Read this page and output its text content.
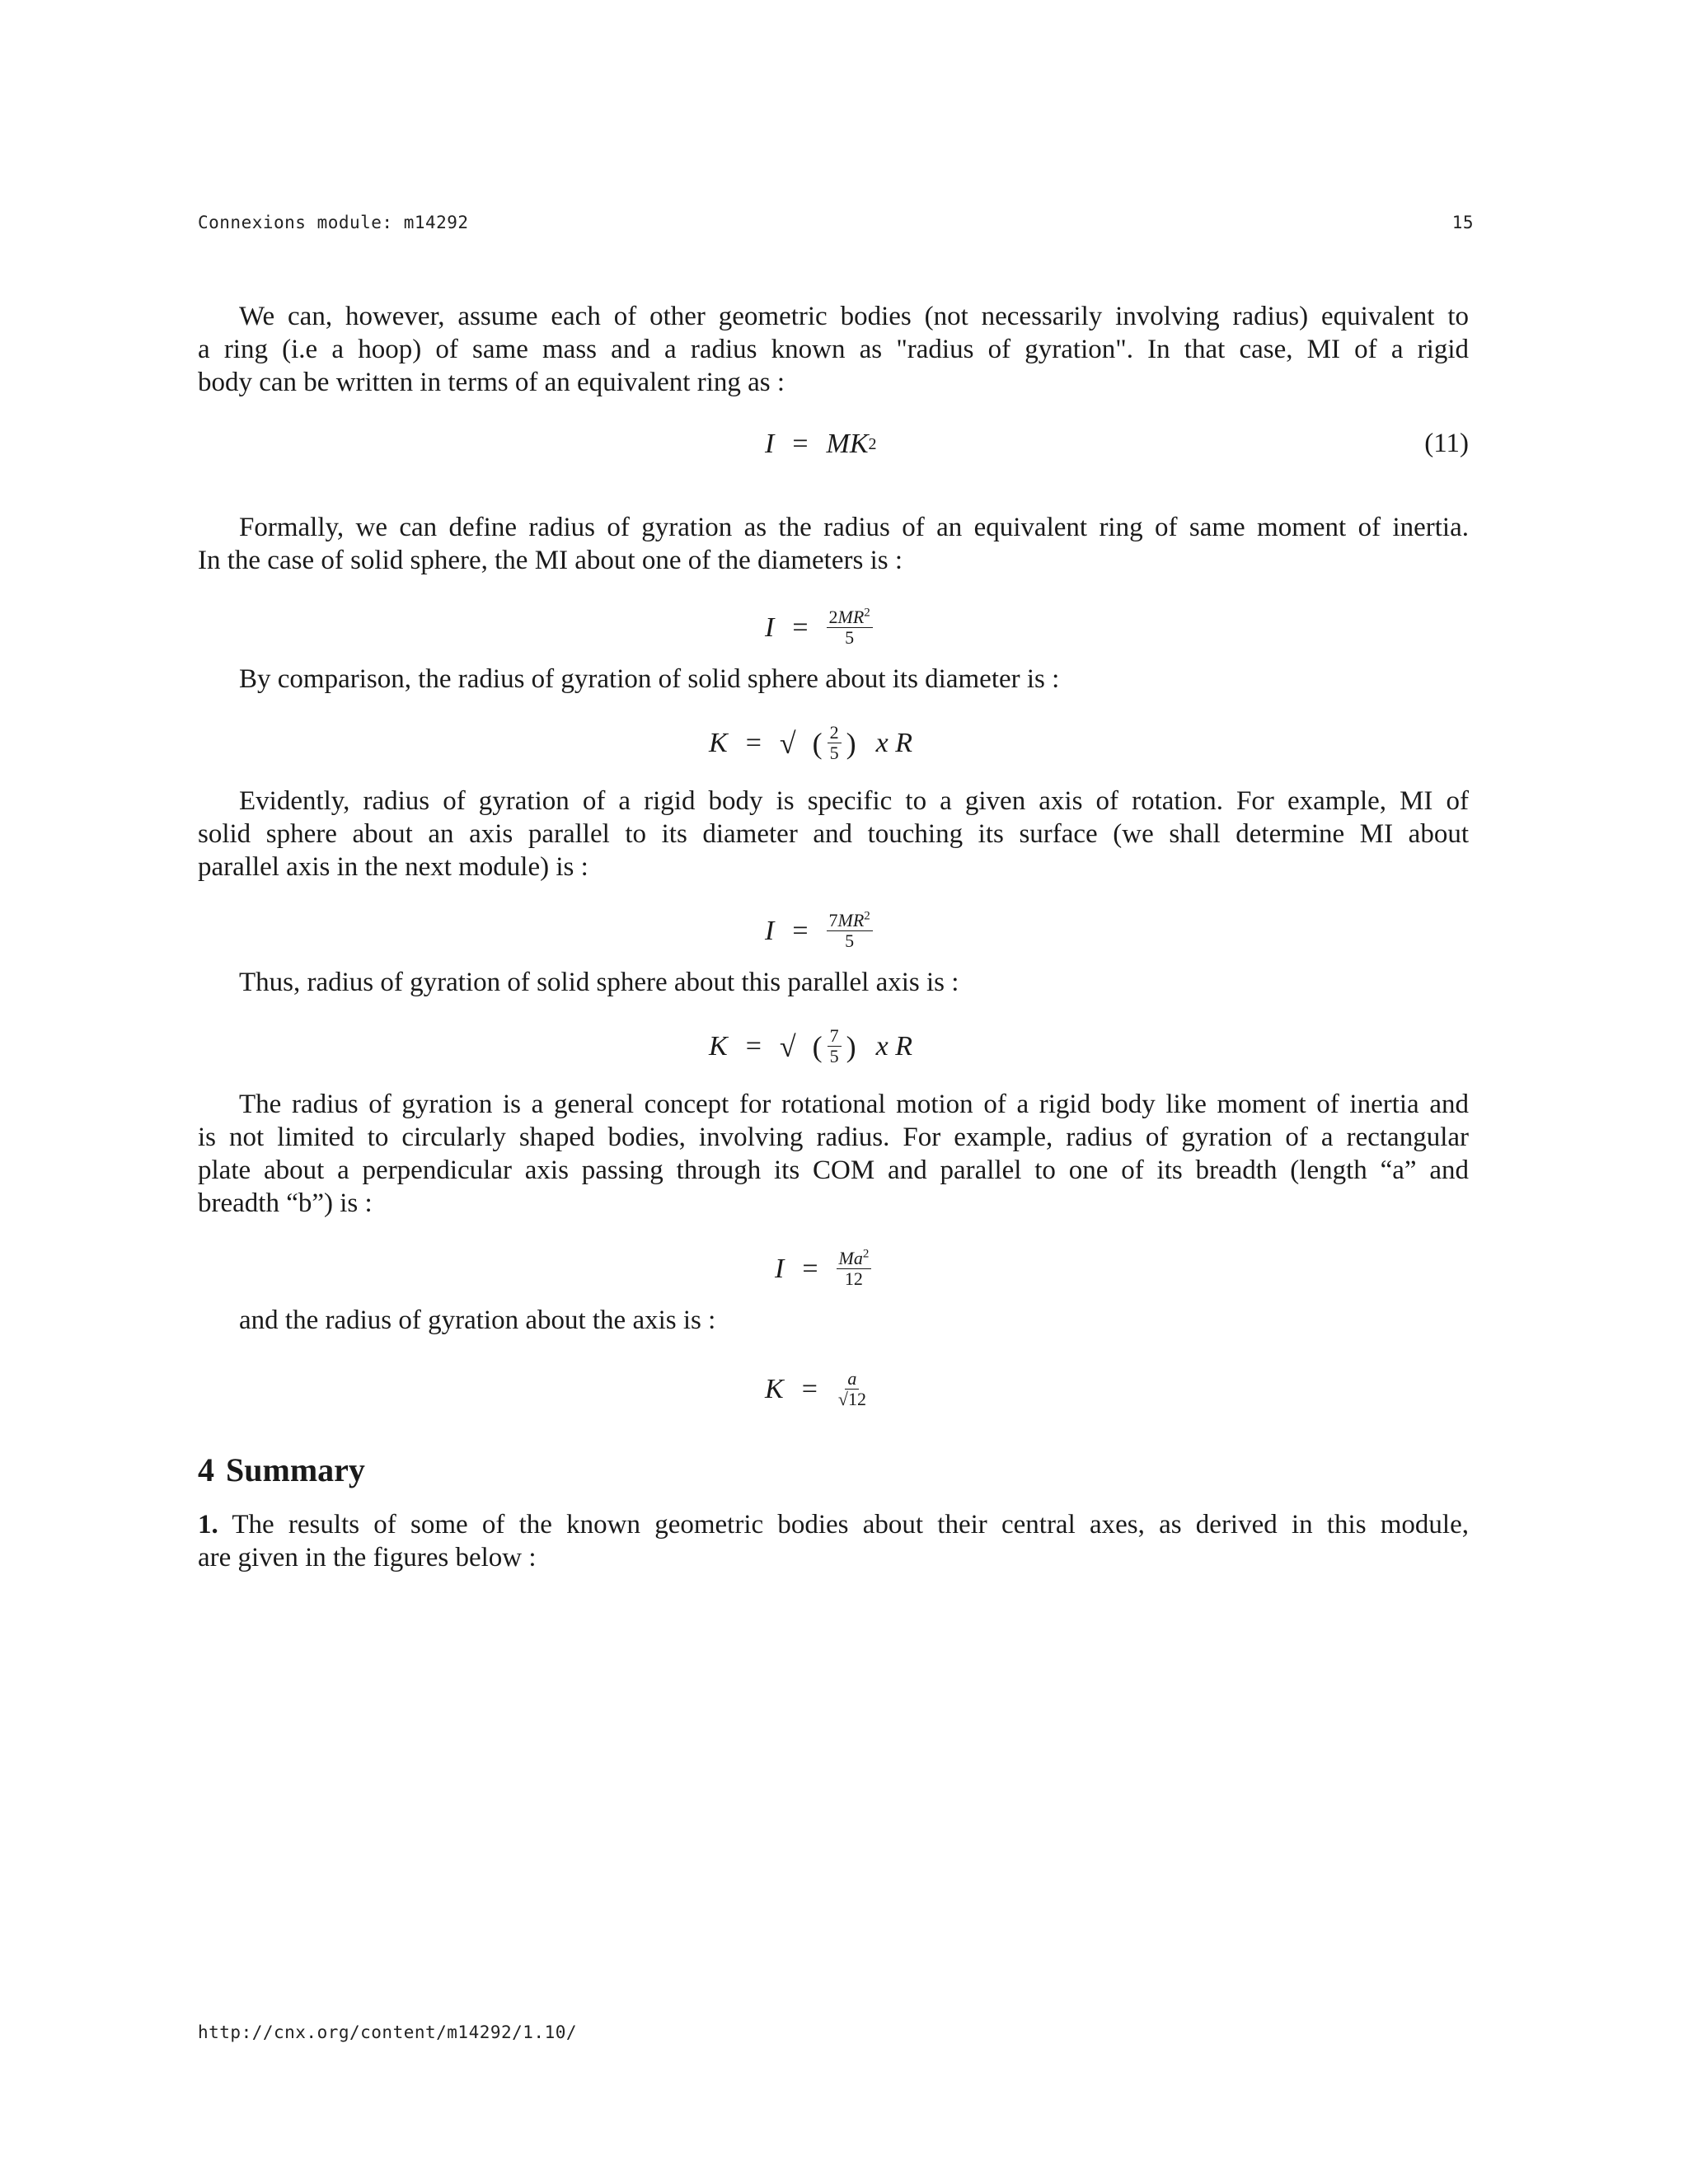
Connexions module: m14292	15
We can, however, assume each of other geometric bodies (not necessarily involving radius) equivalent to
a ring (i.e a hoop) of same mass and a radius known as "radius of gyration". In that case, MI of a rigid
body can be written in terms of an equivalent ring as :
I = MK 2	(11)
Formally, we can define radius of gyration as the radius of an equivalent ring of same moment of inertia.
In the case of solid sphere, the MI about one of the diameters is :
$I = \frac{2MR^2}{5}$
By comparison, the radius of gyration of solid sphere about its diameter is :
K = √ ( $\frac{2}{5}$ ) x R
Evidently, radius of gyration of a rigid body is specific to a given axis of rotation. For example, MI of
solid sphere about an axis parallel to its diameter and touching its surface (we shall determine MI about
parallel axis in the next module) is :
$I = \frac{7MR^2}{5}$
Thus, radius of gyration of solid sphere about this parallel axis is :
K = √ ( $\frac{7}{5}$ ) x R
The radius of gyration is a general concept for rotational motion of a rigid body like moment of inertia and
is not limited to circularly shaped bodies, involving radius. For example, radius of gyration of a rectangular
plate about a perpendicular axis passing through its COM and parallel to one of its breadth (length “a” and
breadth “b”) is :
$I = \frac{Ma^2}{12}$
and the radius of gyration about the axis is :
$K = \frac{a}{√12}$
4 Summary
1. The results of some of the known geometric bodies about their central axes, as derived in this module,
are given in the figures below :
http://cnx.org/content/m14292/1.10/
